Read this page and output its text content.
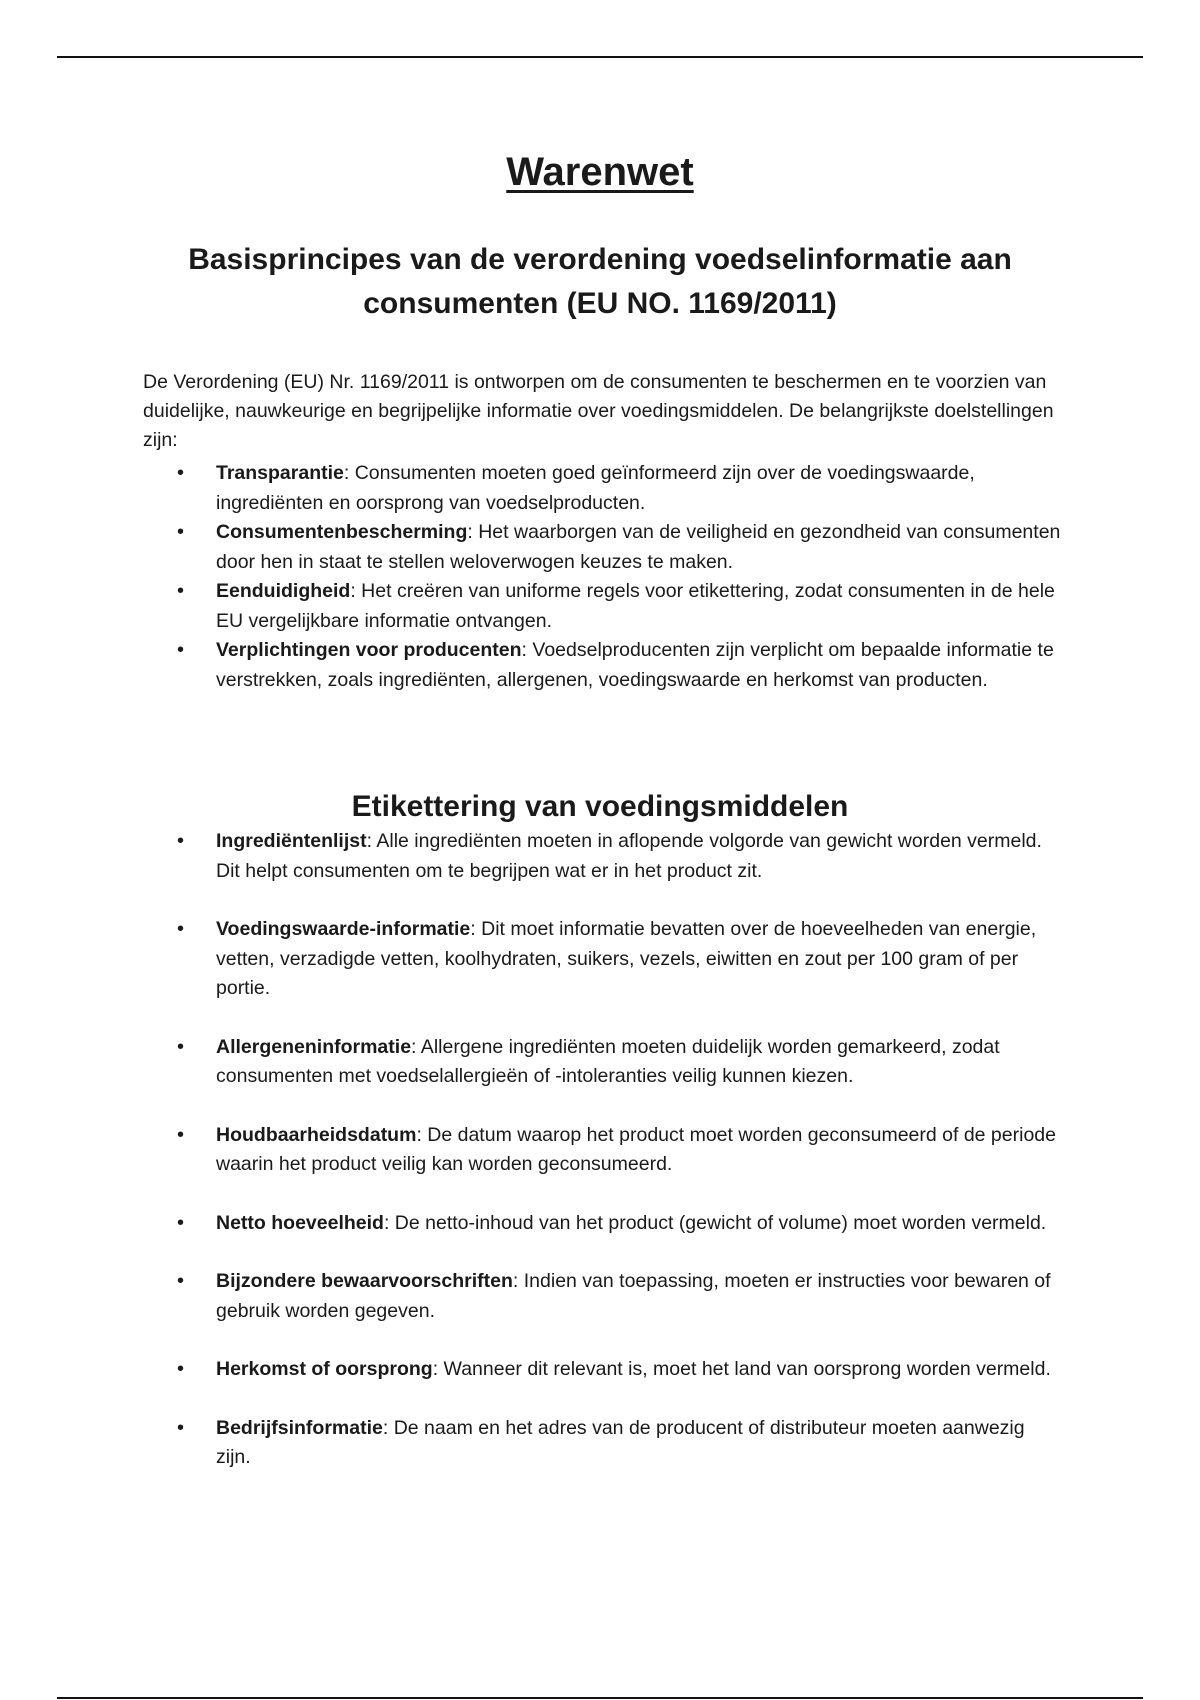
Warenwet
Basisprincipes van de verordening voedselinformatie aan consumenten (EU NO. 1169/2011)

De Verordening (EU) Nr. 1169/2011 is ontworpen om de consumenten te beschermen en te voorzien van duidelijke, nauwkeurige en begrijpelijke informatie over voedingsmiddelen. De belangrijkste doelstellingen zijn:

• Transparantie: Consumenten moeten goed geïnformeerd zijn over de voedingswaarde, ingrediënten en oorsprong van voedselproducten.
• Consumentenbescherming: Het waarborgen van de veiligheid en gezondheid van consumenten door hen in staat te stellen weloverwogen keuzes te maken.
• Eenduidigheid: Het creëren van uniforme regels voor etikettering, zodat consumenten in de hele EU vergelijkbare informatie ontvangen.
• Verplichtingen voor producenten: Voedselproducenten zijn verplicht om bepaalde informatie te verstrekken, zoals ingrediënten, allergenen, voedingswaarde en herkomst van producten.
Etikettering van voedingsmiddelen
• Ingrediëntenlijst: Alle ingrediënten moeten in aflopende volgorde van gewicht worden vermeld. Dit helpt consumenten om te begrijpen wat er in het product zit.
• Voedingswaarde-informatie: Dit moet informatie bevatten over de hoeveelheden van energie, vetten, verzadigde vetten, koolhydraten, suikers, vezels, eiwitten en zout per 100 gram of per portie.
• Allergeneninformatie: Allergene ingrediënten moeten duidelijk worden gemarkeerd, zodat consumenten met voedselallergieën of -intoleranties veilig kunnen kiezen.
• Houdbaarheidsdatum: De datum waarop het product moet worden geconsumeerd of de periode waarin het product veilig kan worden geconsumeerd.
• Netto hoeveelheid: De netto-inhoud van het product (gewicht of volume) moet worden vermeld.
• Bijzondere bewaarvoorschriften: Indien van toepassing, moeten er instructies voor bewaren of gebruik worden gegeven.
• Herkomst of oorsprong: Wanneer dit relevant is, moet het land van oorsprong worden vermeld.
• Bedrijfsinformatie: De naam en het adres van de producent of distributeur moeten aanwezig zijn.
